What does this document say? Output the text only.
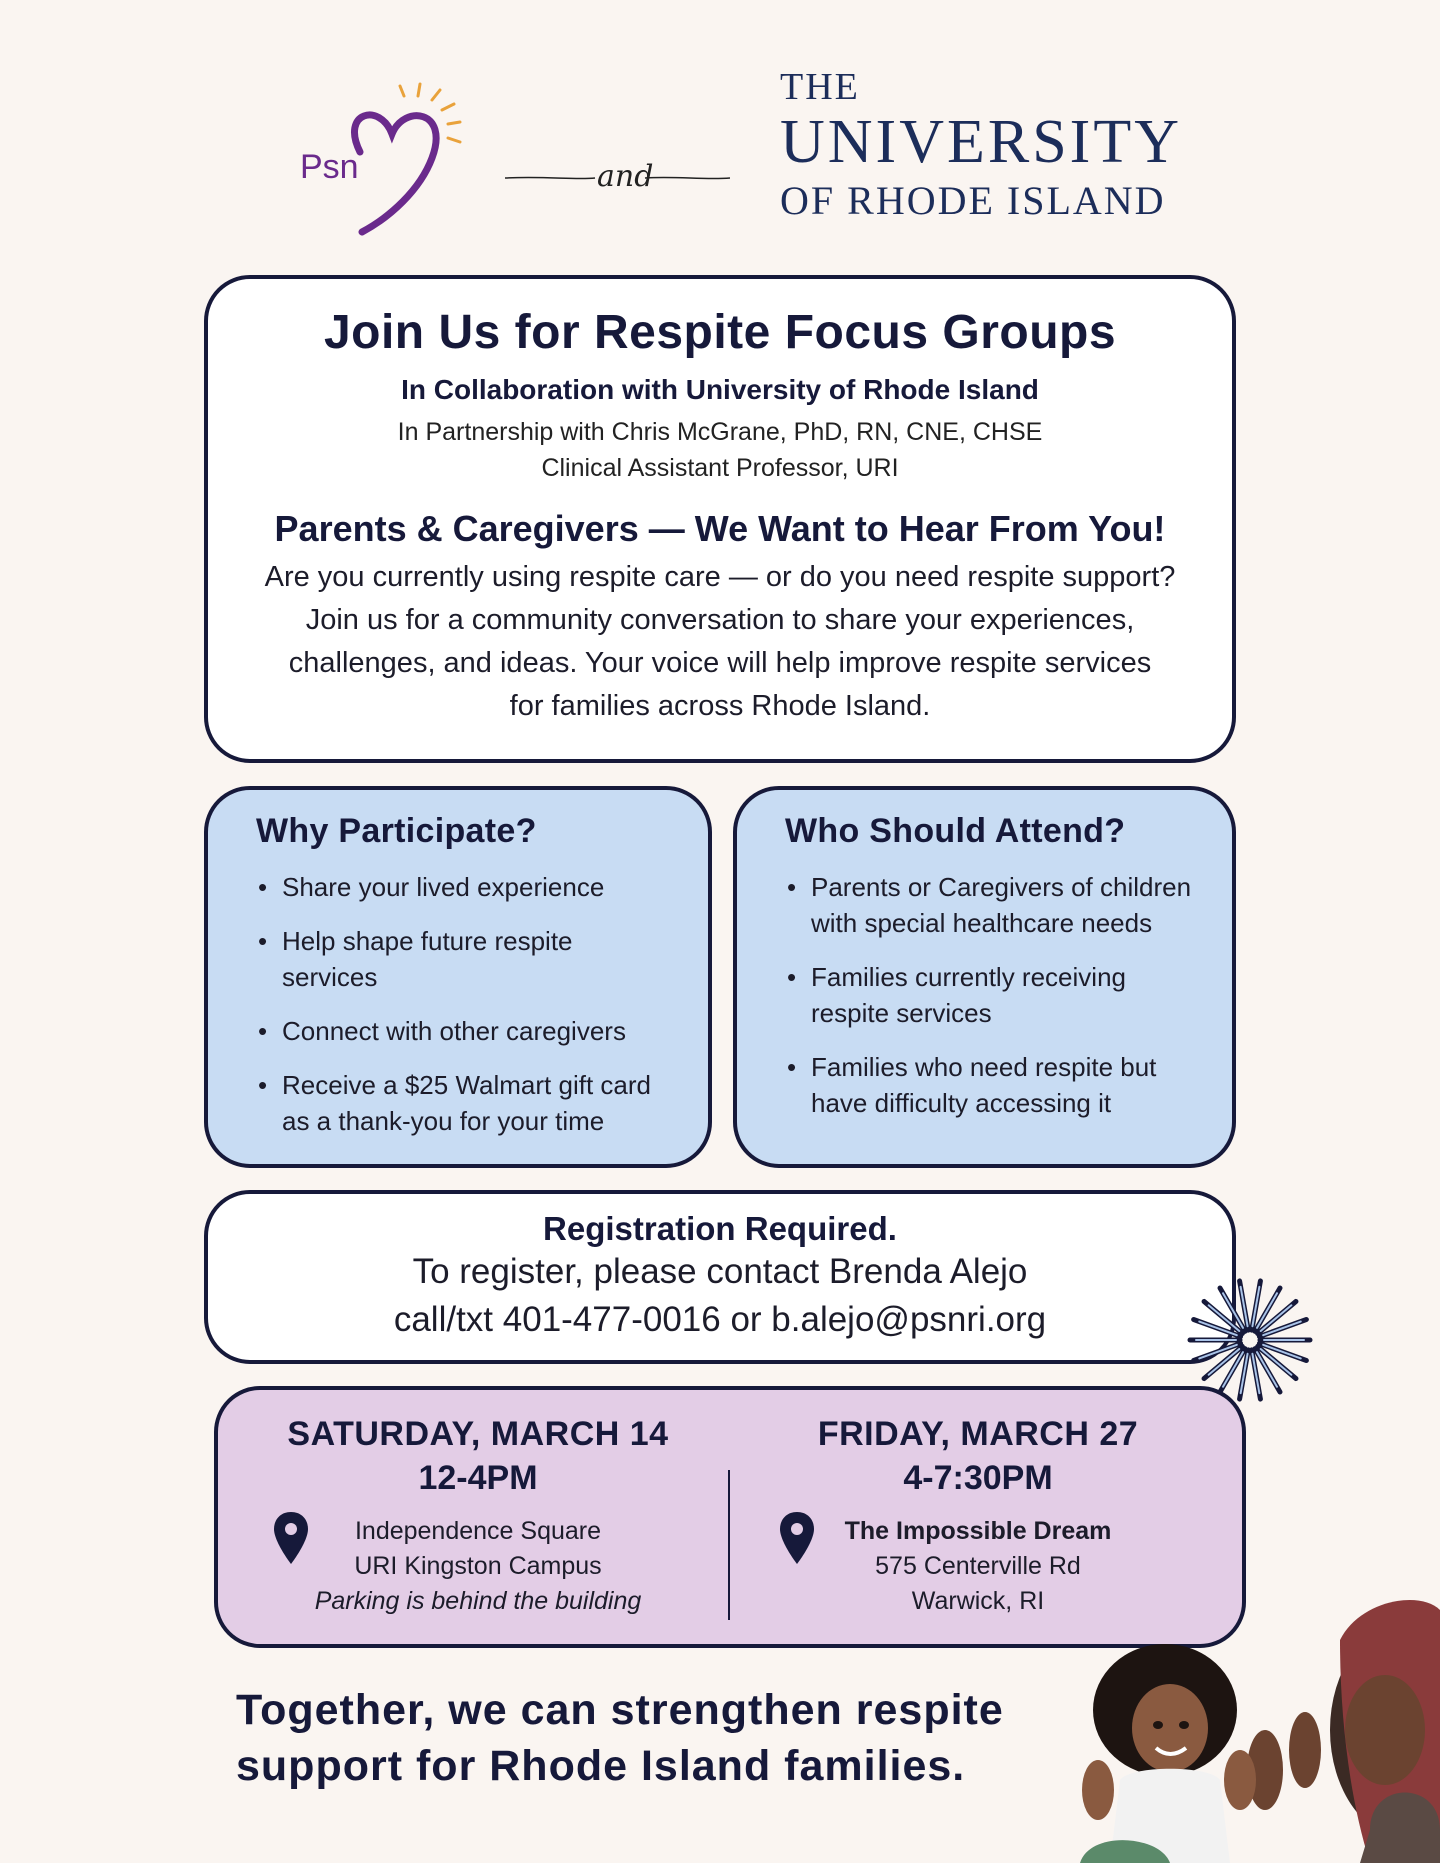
Psn	and
THE
UNIVERSITY
OF RHODE ISLAND
Join Us for Respite Focus Groups
In Collaboration with University of Rhode Island
In Partnership with Chris McGrane, PhD, RN, CNE, CHSE
Clinical Assistant Professor, URI
Parents & Caregivers — We Want to Hear From You!
Are you currently using respite care — or do you need respite support?
Join us for a community conversation to share your experiences,
challenges, and ideas. Your voice will help improve respite services
for families across Rhode Island.
Why Participate?
• Share your lived experience
• Help shape future respite
services
• Connect with other caregivers
• Receive a $25 Walmart gift card
as a thank-you for your time
Who Should Attend?
• Parents or Caregivers of children
with special healthcare needs
• Families currently receiving
respite services
• Families who need respite but
have difficulty accessing it
Registration Required.
To register, please contact Brenda Alejo
call/txt 401-477-0016 or b.alejo@psnri.org
SATURDAY, MARCH 14
12-4PM
Independence Square
URI Kingston Campus
Parking is behind the building
FRIDAY, MARCH 27
4-7:30PM
The Impossible Dream
575 Centerville Rd
Warwick, RI
Together, we can strengthen respite
support for Rhode Island families.
